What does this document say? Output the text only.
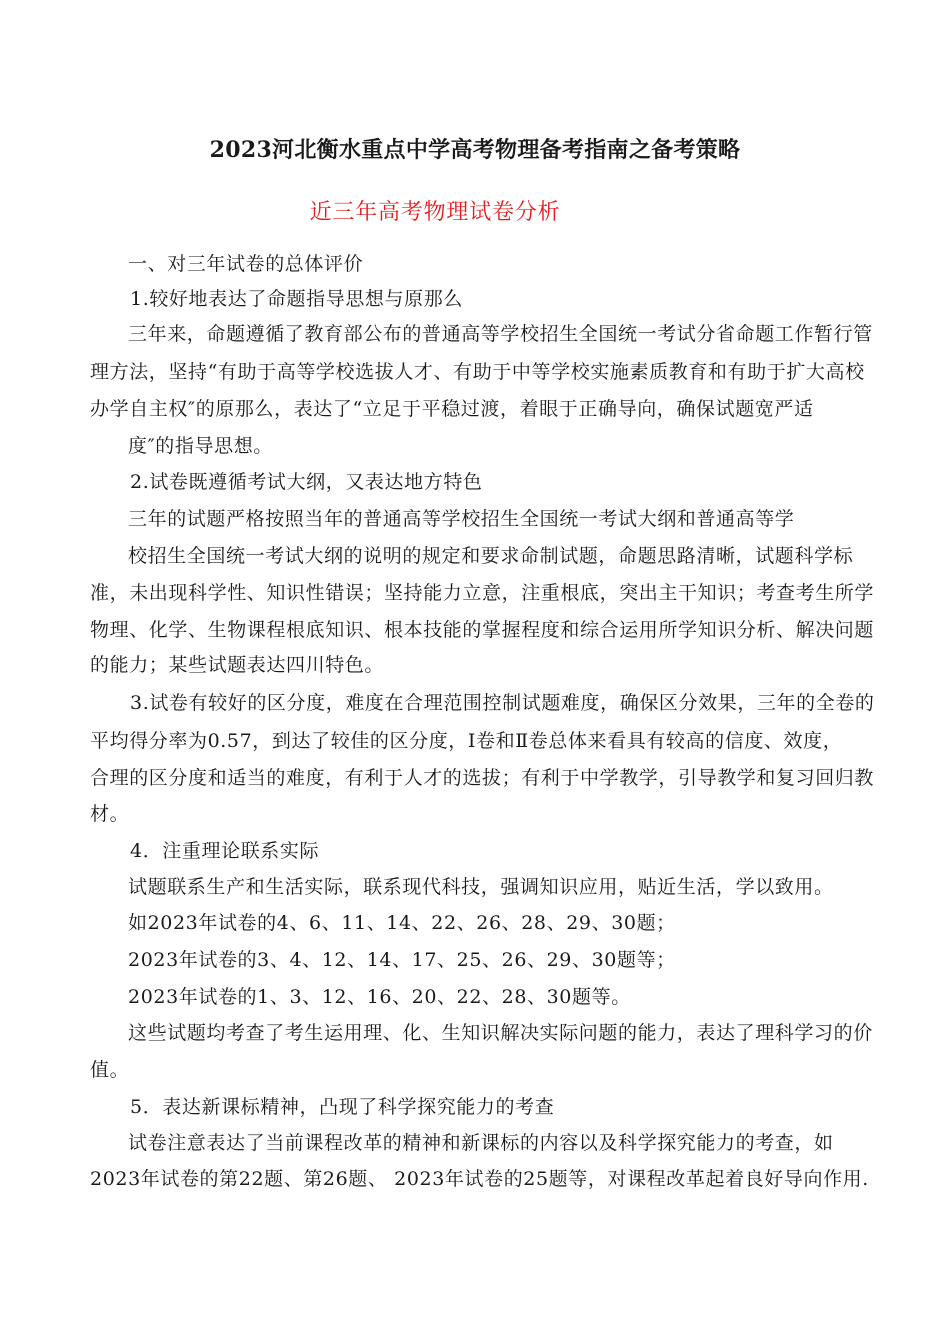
2023河北衡水重点中学高考物理备考指南之备考策略
近三年高考物理试卷分析
一、对三年试卷的总体评价
1.较好地表达了命题指导思想与原那么
三年来，命题遵循了教育部公布的普通高等学校招生全国统一考试分省命题工作暂行管
理方法，坚持“有助于高等学校选拔人才、有助于中等学校实施素质教育和有助于扩大高校
办学自主权″的原那么，表达了“立足于平稳过渡，着眼于正确导向，确保试题宽严适
度″的指导思想。
2.试卷既遵循考试大纲，又表达地方特色
三年的试题严格按照当年的普通高等学校招生全国统一考试大纲和普通高等学
校招生全国统一考试大纲的说明的规定和要求命制试题，命题思路清晰，试题科学标
准，未出现科学性、知识性错误；坚持能力立意，注重根底，突出主干知识；考查考生所学
物理、化学、生物课程根底知识、根本技能的掌握程度和综合运用所学知识分析、解决问题
的能力；某些试题表达四川特色。
3.试卷有较好的区分度，难度在合理范围控制试题难度，确保区分效果，三年的全卷的
平均得分率为0.57，到达了较佳的区分度，Ⅰ卷和Ⅱ卷总体来看具有较高的信度、效度，
合理的区分度和适当的难度，有利于人才的选拔；有利于中学教学，引导教学和复习回归教
材。
4．注重理论联系实际
试题联系生产和生活实际，联系现代科技，强调知识应用，贴近生活，学以致用。
如2023年试卷的4、6、11、14、22、26、28、29、30题；
2023年试卷的3、4、12、14、17、25、26、29、30题等；
2023年试卷的1、3、12、16、20、22、28、30题等。
这些试题均考查了考生运用理、化、生知识解决实际问题的能力，表达了理科学习的价
值。
5．表达新课标精神，凸现了科学探究能力的考查
试卷注意表达了当前课程改革的精神和新课标的内容以及科学探究能力的考查，如
2023年试卷的第22题、第26题、 2023年试卷的25题等，对课程改革起着良好导向作用.
